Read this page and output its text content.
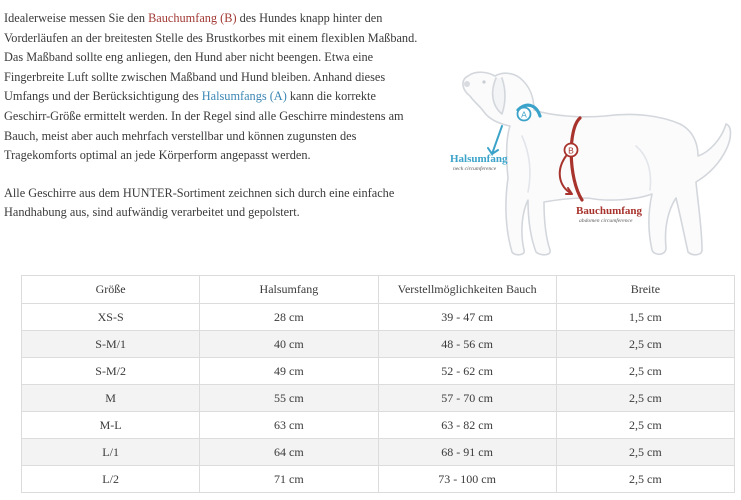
Idealerweise messen Sie den Bauchumfang (B) des Hundes knapp hinter den Vorderläufen an der breitesten Stelle des Brustkorbes mit einem flexiblen Maßband. Das Maßband sollte eng anliegen, den Hund aber nicht beengen. Etwa eine Fingerbreite Luft sollte zwischen Maßband und Hund bleiben. Anhand dieses Umfangs und der Berücksichtigung des Halsumfangs (A) kann die korrekte Geschirr-Größe ermittelt werden. In der Regel sind alle Geschirre mindestens am Bauch, meist aber auch mehrfach verstellbar und können zugunsten des Tragekomforts optimal an jede Körperform angepasst werden.

Alle Geschirre aus dem HUNTER-Sortiment zeichnen sich durch eine einfache Handhabung aus, sind aufwändig verarbeitet und gepolstert.

A
Halsumfang
neck circumference
B
Bauchumfang
abdomen circumference
Größe	Halsumfang	Verstellmöglichkeiten Bauch	Breite
XS-S	28 cm	39 - 47 cm	1,5 cm
S-M/1	40 cm	48 - 56 cm	2,5 cm
S-M/2	49 cm	52 - 62 cm	2,5 cm
M	55 cm	57 - 70 cm	2,5 cm
M-L	63 cm	63 - 82 cm	2,5 cm
L/1	64 cm	68 - 91 cm	2,5 cm
L/2	71 cm	73 - 100 cm	2,5 cm
